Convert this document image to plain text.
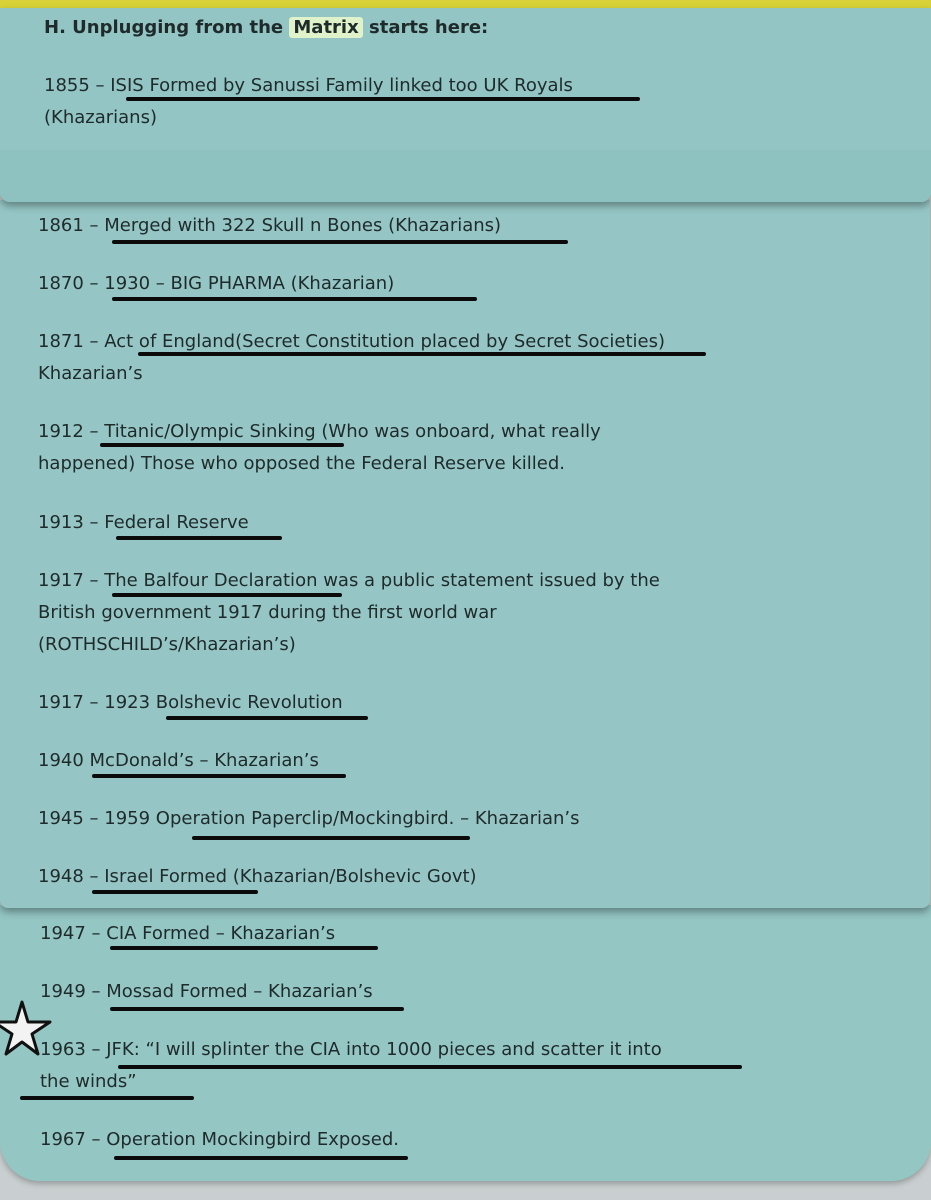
H. Unplugging from the Matrix starts here:
1855 – ISIS Formed by Sanussi Family linked too UK Royals
(Khazarians)
1861 – Merged with 322 Skull n Bones (Khazarians)
1870 – 1930 – BIG PHARMA (Khazarian)
1871 – Act of England(Secret Constitution placed by Secret Societies)
Khazarian’s
1912 – Titanic/Olympic Sinking (Who was onboard, what really
happened) Those who opposed the Federal Reserve killed.
1913 – Federal Reserve
1917 – The Balfour Declaration was a public statement issued by the
British government 1917 during the first world war
(ROTHSCHILD’s/Khazarian’s)
1917 – 1923 Bolshevic Revolution
1940 McDonald’s – Khazarian’s
1945 – 1959 Operation Paperclip/Mockingbird. – Khazarian’s
1948 – Israel Formed (Khazarian/Bolshevic Govt)
1947 – CIA Formed – Khazarian’s
1949 – Mossad Formed – Khazarian’s
1963 – JFK: “I will splinter the CIA into 1000 pieces and scatter it into
the winds”
1967 – Operation Mockingbird Exposed.
